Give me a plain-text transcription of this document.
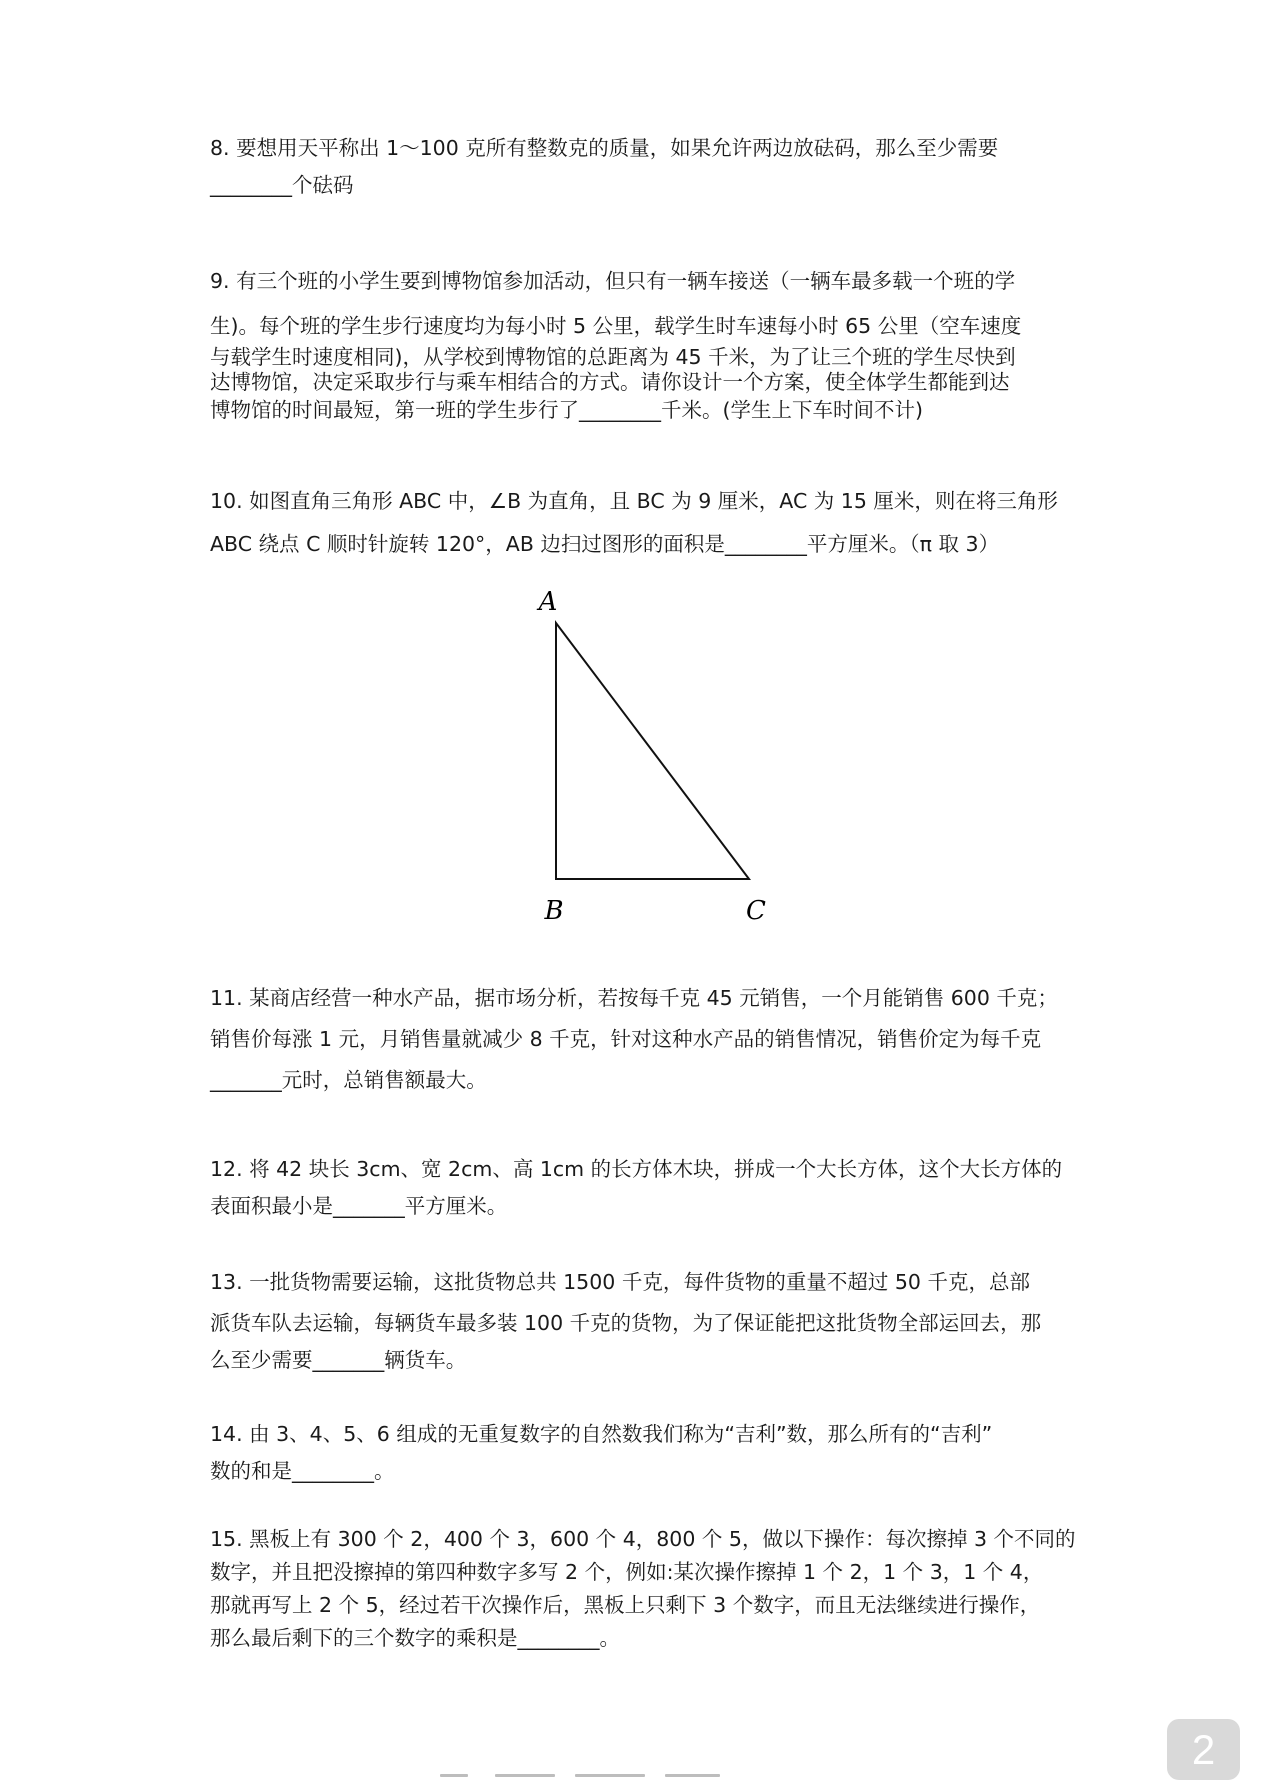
8. 要想用天平称出 1～100 克所有整数克的质量，如果允许两边放砝码，那么至少需要

________个砝码

9. 有三个班的小学生要到博物馆参加活动，但只有一辆车接送（一辆车最多载一个班的学

生)。每个班的学生步行速度均为每小时 5 公里，载学生时车速每小时 65 公里（空车速度

与载学生时速度相同)，从学校到博物馆的总距离为 45 千米，为了让三个班的学生尽快到

达博物馆，决定采取步行与乘车相结合的方式。请你设计一个方案，使全体学生都能到达

博物馆的时间最短，第一班的学生步行了________千米。(学生上下车时间不计)

10. 如图直角三角形 ABC 中，∠B 为直角，且 BC 为 9 厘米，AC 为 15 厘米，则在将三角形

ABC 绕点 C 顺时针旋转 120°，AB 边扫过图形的面积是________平方厘米。（π 取 3）

A
B	C

11. 某商店经营一种水产品，据市场分析，若按每千克 45 元销售，一个月能销售 600 千克；

销售价每涨 1 元，月销售量就减少 8 千克，针对这种水产品的销售情况，销售价定为每千克

_______元时，总销售额最大。

12. 将 42 块长 3cm、宽 2cm、高 1cm 的长方体木块，拼成一个大长方体，这个大长方体的

表面积最小是_______平方厘米。

13. 一批货物需要运输，这批货物总共 1500 千克，每件货物的重量不超过 50 千克，总部

派货车队去运输，每辆货车最多装 100 千克的货物，为了保证能把这批货物全部运回去，那

么至少需要_______辆货车。

14. 由 3、4、5、6 组成的无重复数字的自然数我们称为“吉利”数，那么所有的“吉利”

数的和是________。

15. 黑板上有 300 个 2，400 个 3，600 个 4，800 个 5，做以下操作：每次擦掉 3 个不同的

数字，并且把没擦掉的第四种数字多写 2 个，例如:某次操作擦掉 1 个 2，1 个 3，1 个 4，

那就再写上 2 个 5，经过若干次操作后，黑板上只剩下 3 个数字，而且无法继续进行操作，

那么最后剩下的三个数字的乘积是________。

2
